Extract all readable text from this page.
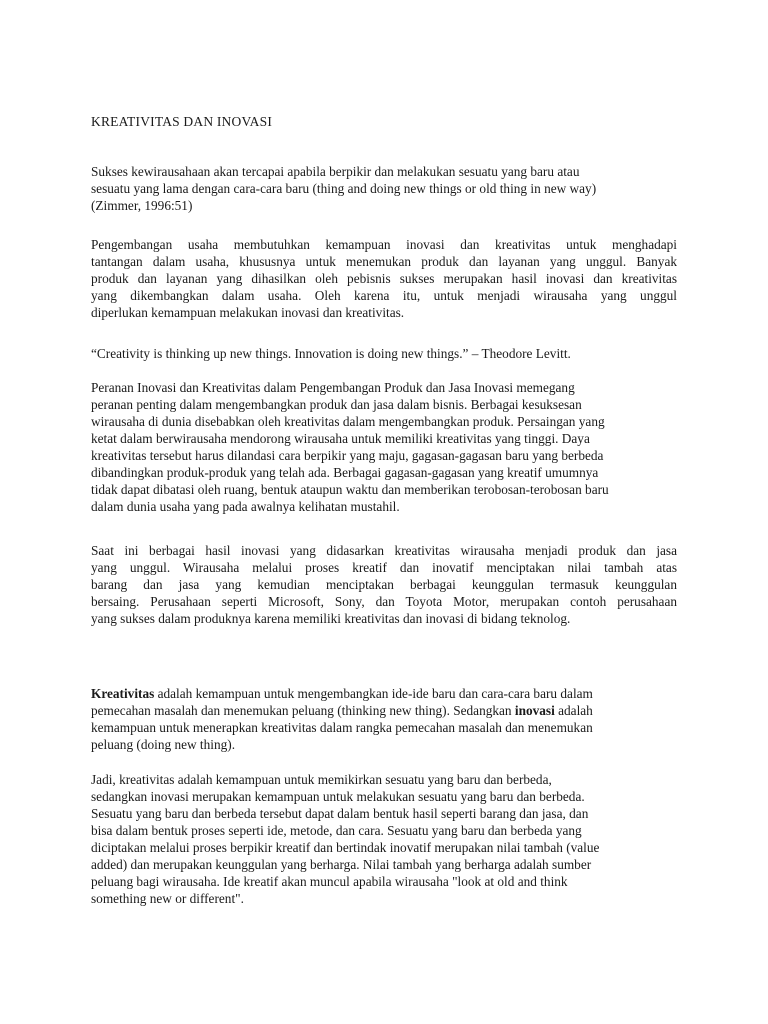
KREATIVITAS DAN INOVASI
Sukses kewirausahaan akan tercapai apabila berpikir dan melakukan sesuatu yang baru atau
sesuatu yang lama dengan cara-cara baru (thing and doing new things or old thing in new way)
(Zimmer, 1996:51)
Pengembangan usaha membutuhkan kemampuan inovasi dan kreativitas untuk menghadapi
tantangan dalam usaha, khususnya untuk menemukan produk dan layanan yang unggul. Banyak
produk dan layanan yang dihasilkan oleh pebisnis sukses merupakan hasil inovasi dan kreativitas
yang dikembangkan dalam usaha. Oleh karena itu, untuk menjadi wirausaha yang unggul
diperlukan kemampuan melakukan inovasi dan kreativitas.
“Creativity is thinking up new things. Innovation is doing new things.” – Theodore Levitt.
Peranan Inovasi dan Kreativitas dalam Pengembangan Produk dan Jasa Inovasi memegang
peranan penting dalam mengembangkan produk dan jasa dalam bisnis. Berbagai kesuksesan
wirausaha di dunia disebabkan oleh kreativitas dalam mengembangkan produk. Persaingan yang
ketat dalam berwirausaha mendorong wirausaha untuk memiliki kreativitas yang tinggi. Daya
kreativitas tersebut harus dilandasi cara berpikir yang maju, gagasan-gagasan baru yang berbeda
dibandingkan produk-produk yang telah ada. Berbagai gagasan-gagasan yang kreatif umumnya
tidak dapat dibatasi oleh ruang, bentuk ataupun waktu dan memberikan terobosan-terobosan baru
dalam dunia usaha yang pada awalnya kelihatan mustahil.
Saat ini berbagai hasil inovasi yang didasarkan kreativitas wirausaha menjadi produk dan jasa
yang unggul. Wirausaha melalui proses kreatif dan inovatif menciptakan nilai tambah atas
barang dan jasa yang kemudian menciptakan berbagai keunggulan termasuk keunggulan
bersaing. Perusahaan seperti Microsoft, Sony, dan Toyota Motor, merupakan contoh perusahaan
yang sukses dalam produknya karena memiliki kreativitas dan inovasi di bidang teknolog.
Kreativitas adalah kemampuan untuk mengembangkan ide-ide baru dan cara-cara baru dalam
pemecahan masalah dan menemukan peluang (thinking new thing). Sedangkan inovasi adalah
kemampuan untuk menerapkan kreativitas dalam rangka pemecahan masalah dan menemukan
peluang (doing new thing).
Jadi, kreativitas adalah kemampuan untuk memikirkan sesuatu yang baru dan berbeda,
sedangkan inovasi merupakan kemampuan untuk melakukan sesuatu yang baru dan berbeda.
Sesuatu yang baru dan berbeda tersebut dapat dalam bentuk hasil seperti barang dan jasa, dan
bisa dalam bentuk proses seperti ide, metode, dan cara. Sesuatu yang baru dan berbeda yang
diciptakan melalui proses berpikir kreatif dan bertindak inovatif merupakan nilai tambah (value
added) dan merupakan keunggulan yang berharga. Nilai tambah yang berharga adalah sumber
peluang bagi wirausaha. Ide kreatif akan muncul apabila wirausaha "look at old and think
something new or different".
